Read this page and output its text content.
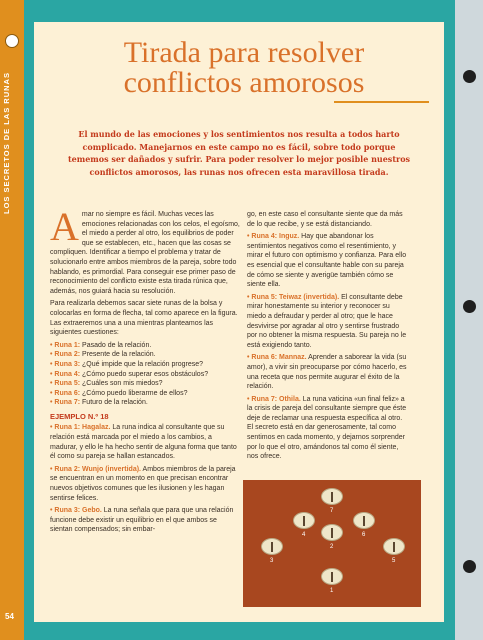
LOS SECRETOS DE LAS RUNAS
54
Tirada para resolver
conflictos amorosos
El mundo de las emociones y los sentimientos nos resulta a todos harto complicado. Manejarnos en este campo no es fácil, sobre todo porque tememos ser dañados y sufrir. Para poder resolver lo mejor posible nuestros conflictos amorosos, las runas nos ofrecen esta maravillosa tirada.

Amar no siempre es fácil. Muchas veces las emociones relacionadas con los celos, el egoísmo, el miedo a perder al otro, los equilibrios de poder que se establecen, etc., hacen que las cosas se compliquen. Identificar a tiempo el problema y tratar de solucionarlo entre ambos miembros de la pareja, sobre todo hablando, es primordial. Para conseguir ese primer paso de reconocimiento del conflicto existe esta tirada rúnica que, además, nos guiará hacia su resolución.

Para realizarla debemos sacar siete runas de la bolsa y colocarlas en forma de flecha, tal como aparece en la figura. Las extraeremos una a una mientras planteamos las siguientes cuestiones:

• Runa 1: Pasado de la relación.
• Runa 2: Presente de la relación.
• Runa 3: ¿Qué impide que la relación progrese?
• Runa 4: ¿Cómo puedo superar esos obstáculos?
• Runa 5: ¿Cuáles son mis miedos?
• Runa 6: ¿Cómo puedo liberarme de ellos?
• Runa 7: Futuro de la relación.
EJEMPLO N.º 18

• Runa 1: Hagalaz. La runa indica al consultante que su relación está marcada por el miedo a los cambios, a madurar, y ello le ha hecho sentir de alguna forma que tanto él como su pareja se hallan estancados.

• Runa 2: Wunjo (invertida). Ambos miembros de la pareja se encuentran en un momento en que precisan encontrar nuevos objetivos comunes que les ilusionen y les hagan sentirse felices.

• Runa 3: Gebo. La runa señala que para que una relación funcione debe existir un equilibrio en el que ambos se sientan compensados; sin embar-

go, en este caso el consultante siente que da más de lo que recibe, y se está distanciando.

• Runa 4: Inguz. Hay que abandonar los sentimientos negativos como el resentimiento, y mirar el futuro con optimismo y confianza. Para ello es esencial que el consultante hable con su pareja de cómo se siente y averigüe también cómo se siente ella.

• Runa 5: Teiwaz (invertida). El consultante debe mirar honestamente su interior y reconocer su miedo a defraudar y perder al otro; que le hace desvivirse por agradar al otro y sentirse frustrado por no obtener la misma respuesta. Su pareja no le está exigiendo tanto.

• Runa 6: Mannaz. Aprender a saborear la vida (su amor), a vivir sin preocuparse por cómo hacerlo, es una receta que nos permite augurar el éxito de la relación.

• Runa 7: Othila. La runa vaticina «un final feliz» a la crisis de pareja del consultante siempre que éste deje de reclamar una respuesta específica al otro. El secreto está en dar generosamente, tal como sentimos en cada momento, y dejarnos sorprender por lo que el otro, amándonos tal como él siente, nos ofrece.

7
4	6
2
3	5
1
